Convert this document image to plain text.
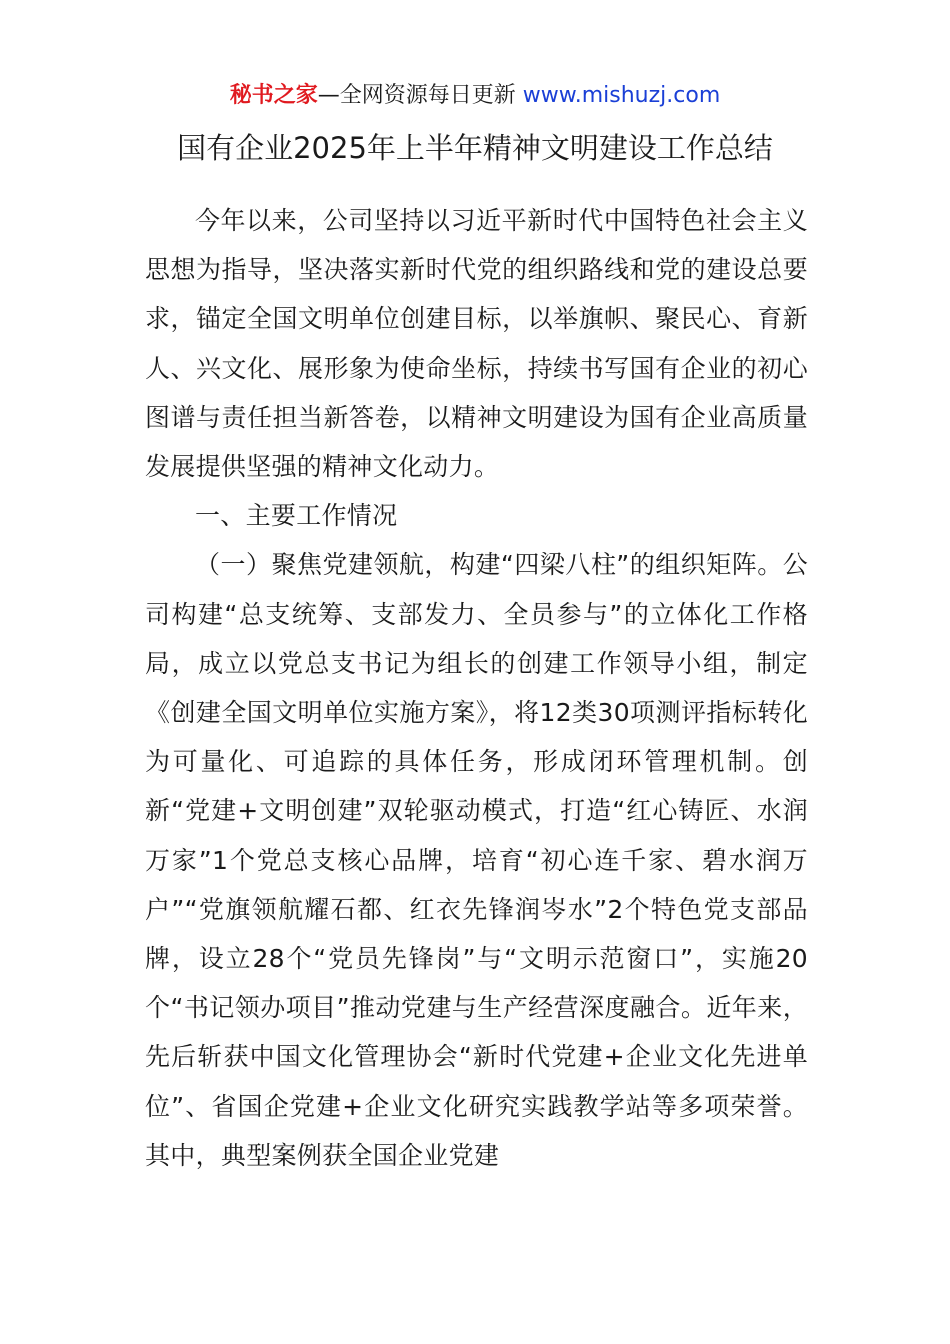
秘书之家—全网资源每日更新 www.mishuzj.com
国有企业2025年上半年精神文明建设工作总结

今年以来，公司坚持以习近平新时代中国特色社会主义思想为指导，坚决落实新时代党的组织路线和党的建设总要求，锚定全国文明单位创建目标，以举旗帜、聚民心、育新人、兴文化、展形象为使命坐标，持续书写国有企业的初心图谱与责任担当新答卷，以精神文明建设为国有企业高质量发展提供坚强的精神文化动力。

一、主要工作情况

（一）聚焦党建领航，构建“四梁八柱”的组织矩阵。公司构建“总支统筹、支部发力、全员参与”的立体化工作格局，成立以党总支书记为组长的创建工作领导小组，制定《创建全国文明单位实施方案》，将12类30项测评指标转化为可量化、可追踪的具体任务，形成闭环管理机制。创新“党建+文明创建”双轮驱动模式，打造“红心铸匠、水润万家”1个党总支核心品牌，培育“初心连千家、碧水润万户”“党旗领航耀石都、红衣先锋润岑水”2个特色党支部品牌，设立28个“党员先锋岗”与“文明示范窗口”，实施20个“书记领办项目”推动党建与生产经营深度融合。近年来，先后斩获中国文化管理协会“新时代党建+企业文化先进单位”、省国企党建+企业文化研究实践教学站等多项荣誉。其中，典型案例获全国企业党建
